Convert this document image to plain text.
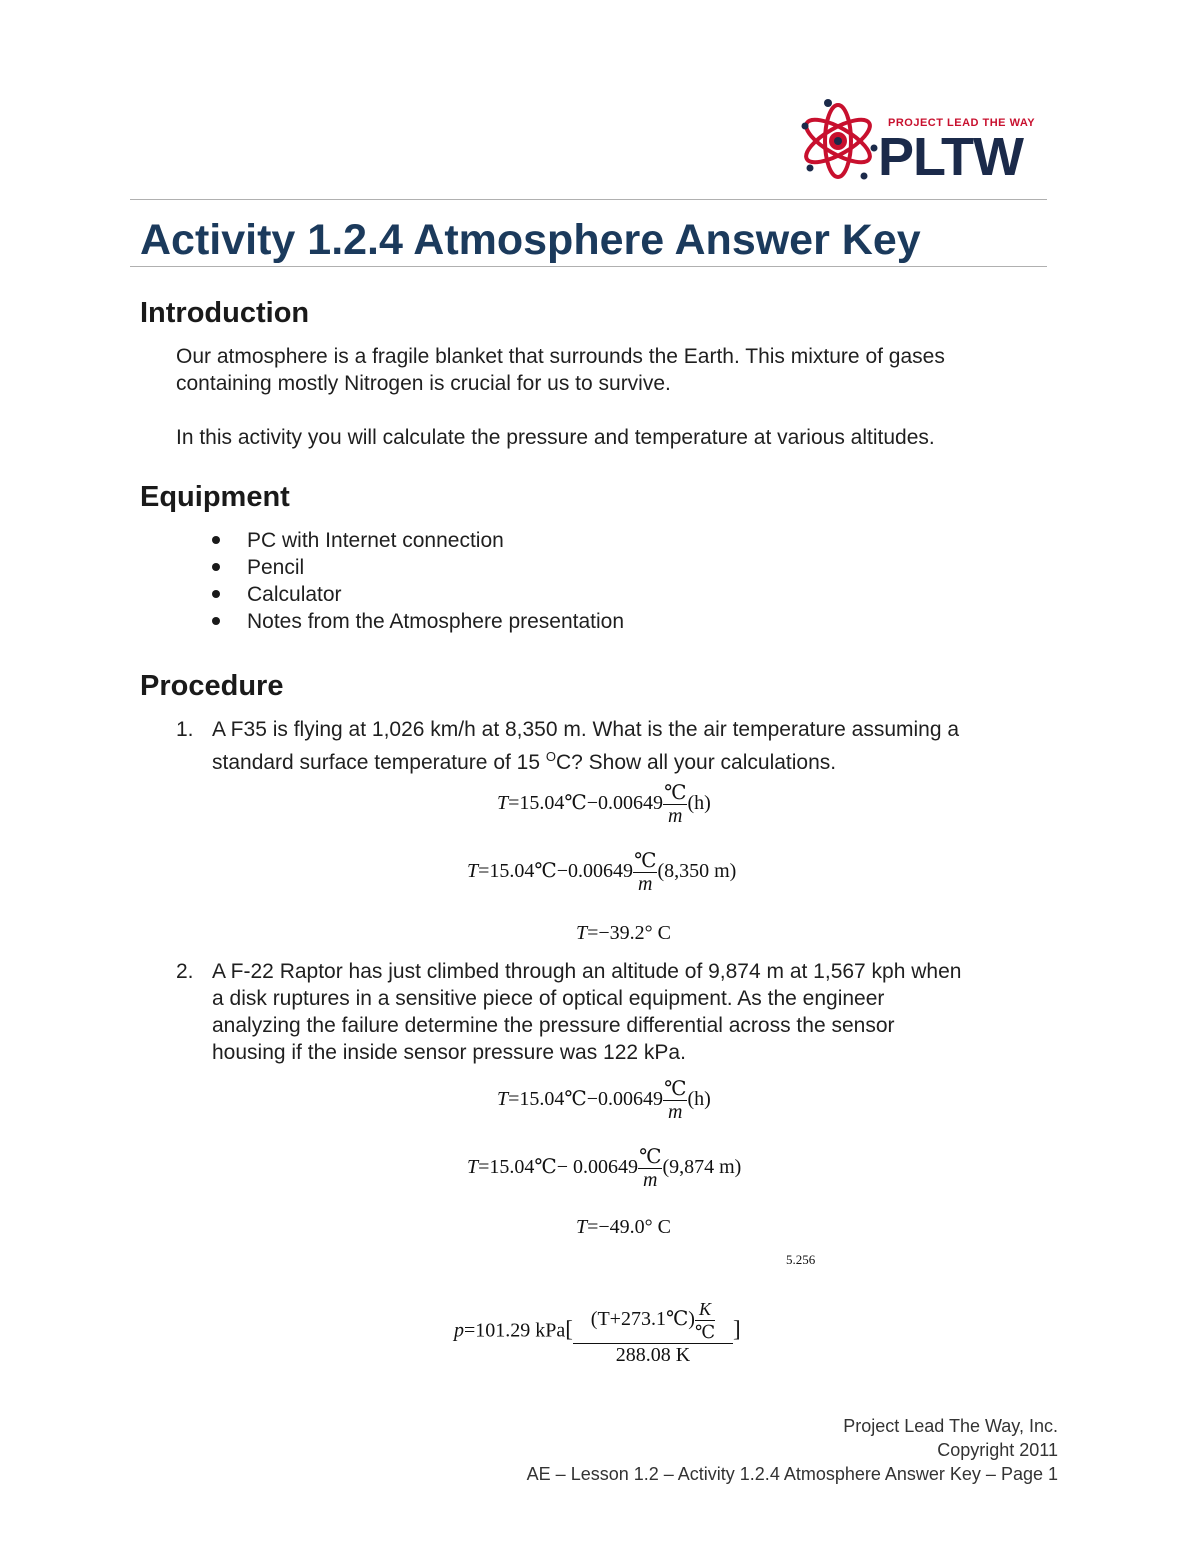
PROJECT LEAD THE WAY
PLTW
Activity 1.2.4 Atmosphere Answer Key
Introduction
Our atmosphere is a fragile blanket that surrounds the Earth. This mixture of gases
containing mostly Nitrogen is crucial for us to survive.
In this activity you will calculate the pressure and temperature at various altitudes.
Equipment
PC with Internet connection
Pencil
Calculator
Notes from the Atmosphere presentation
Procedure
1. A F35 is flying at 1,026 km/h at 8,350 m. What is the air temperature assuming a
standard surface temperature of 15 $^O$C? Show all your calculations.
T=15.04℃−0.00649 $\frac{℃}{m} (h)$
T=15.04℃−0.00649 $\frac{℃}{m} (8,350$ m)
T=−39.2° C
2. A F-22 Raptor has just climbed through an altitude of 9,874 m at 1,567 kph when
a disk ruptures in a sensitive piece of optical equipment. As the engineer
analyzing the failure determine the pressure differential across the sensor
housing if the inside sensor pressure was 122 kPa.
T=15.04℃−0.00649 $\frac{℃}{m} (h)$
T=15.04℃− $0.00649 \frac{℃}{m} (9,874$ m)
T=−49.0° C
p=101.29 $kPa[ \frac{(T+273.1℃) \frac{K}{℃}}{288.08 K}$ ]
5.256
Project Lead The Way, Inc.
Copyright 2011
AE – Lesson 1.2 – Activity 1.2.4 Atmosphere Answer Key – Page 1
